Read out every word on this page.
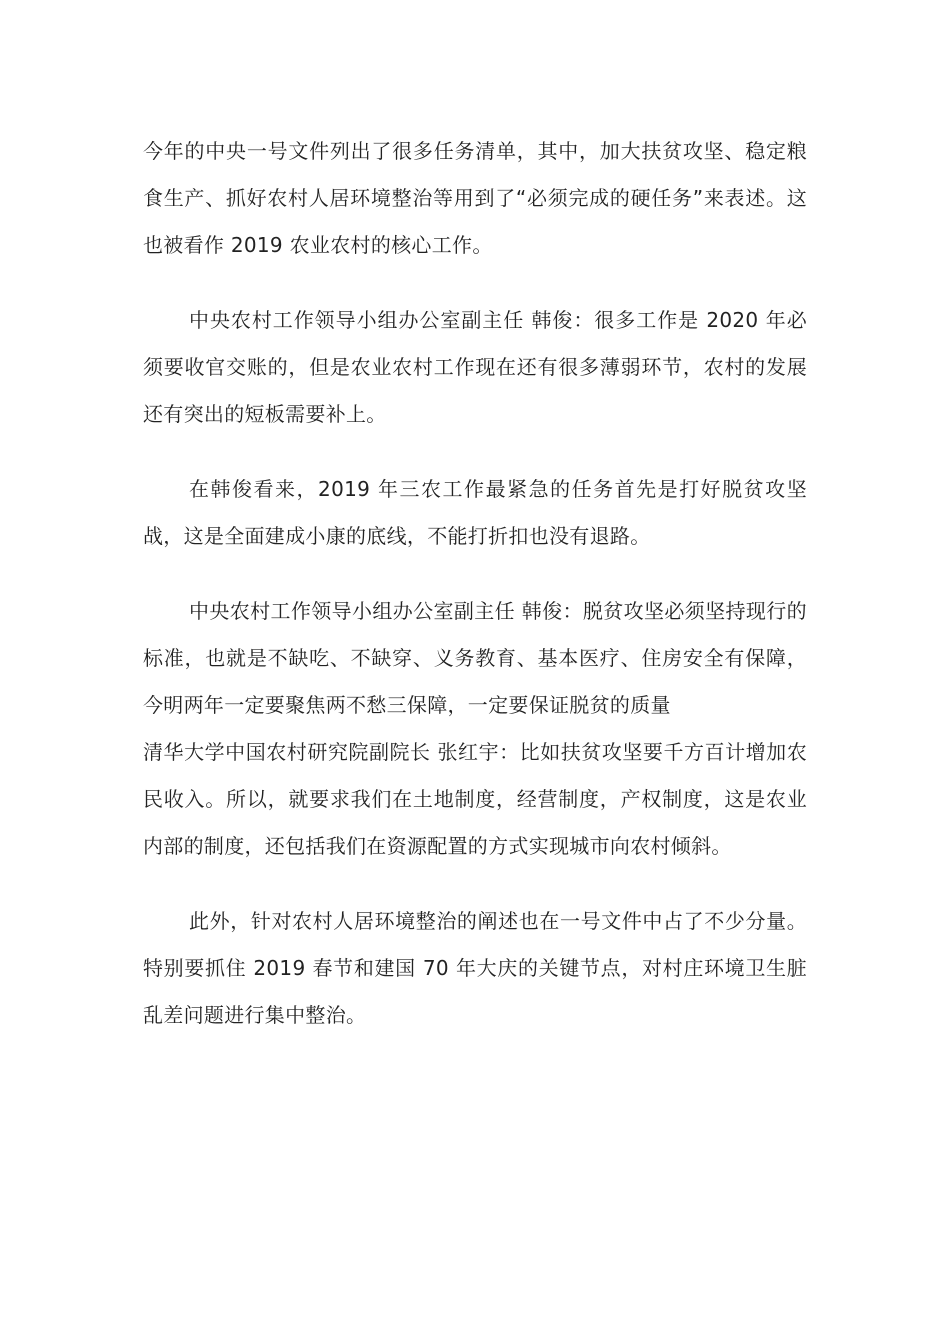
今年的中央一号文件列出了很多任务清单，其中，加大扶贫攻坚、稳定粮食生产、抓好农村人居环境整治等用到了“必须完成的硬任务”来表述。这也被看作 2019 农业农村的核心工作。

中央农村工作领导小组办公室副主任 韩俊：很多工作是 2020 年必须要收官交账的，但是农业农村工作现在还有很多薄弱环节，农村的发展还有突出的短板需要补上。

在韩俊看来，2019 年三农工作最紧急的任务首先是打好脱贫攻坚战，这是全面建成小康的底线，不能打折扣也没有退路。

中央农村工作领导小组办公室副主任 韩俊：脱贫攻坚必须坚持现行的标准，也就是不缺吃、不缺穿、义务教育、基本医疗、住房安全有保障，今明两年一定要聚焦两不愁三保障，一定要保证脱贫的质量

清华大学中国农村研究院副院长 张红宇：比如扶贫攻坚要千方百计增加农民收入。所以，就要求我们在土地制度，经营制度，产权制度，这是农业内部的制度，还包括我们在资源配置的方式实现城市向农村倾斜。

此外，针对农村人居环境整治的阐述也在一号文件中占了不少分量。特别要抓住 2019 春节和建国 70 年大庆的关键节点，对村庄环境卫生脏乱差问题进行集中整治。
